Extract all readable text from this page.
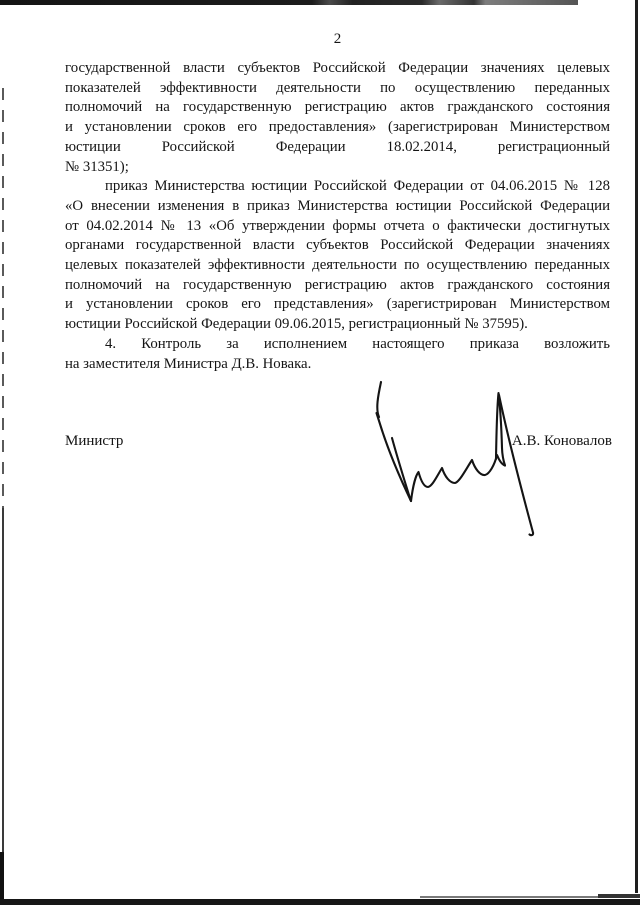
2
государственной власти субъектов Российской Федерации значениях целевых
показателей эффективности деятельности по осуществлению переданных
полномочий на государственную регистрацию актов гражданского состояния
и установлении сроков его предоставления» (зарегистрирован Министерством
юстиции Российской Федерации 18.02.2014, регистрационный
№ 31351);
приказ Министерства юстиции Российской Федерации от 04.06.2015 № 128
«О внесении изменения в приказ Министерства юстиции Российской Федерации
от 04.02.2014 № 13 «Об утверждении формы отчета о фактически достигнутых
органами государственной власти субъектов Российской Федерации значениях
целевых показателей эффективности деятельности по осуществлению переданных
полномочий на государственную регистрацию актов гражданского состояния
и установлении сроков его представления» (зарегистрирован Министерством
юстиции Российской Федерации 09.06.2015, регистрационный № 37595).
4. Контроль за исполнением настоящего приказа возложить
на заместителя Министра Д.В. Новака.
Министр	А.В. Коновалов
